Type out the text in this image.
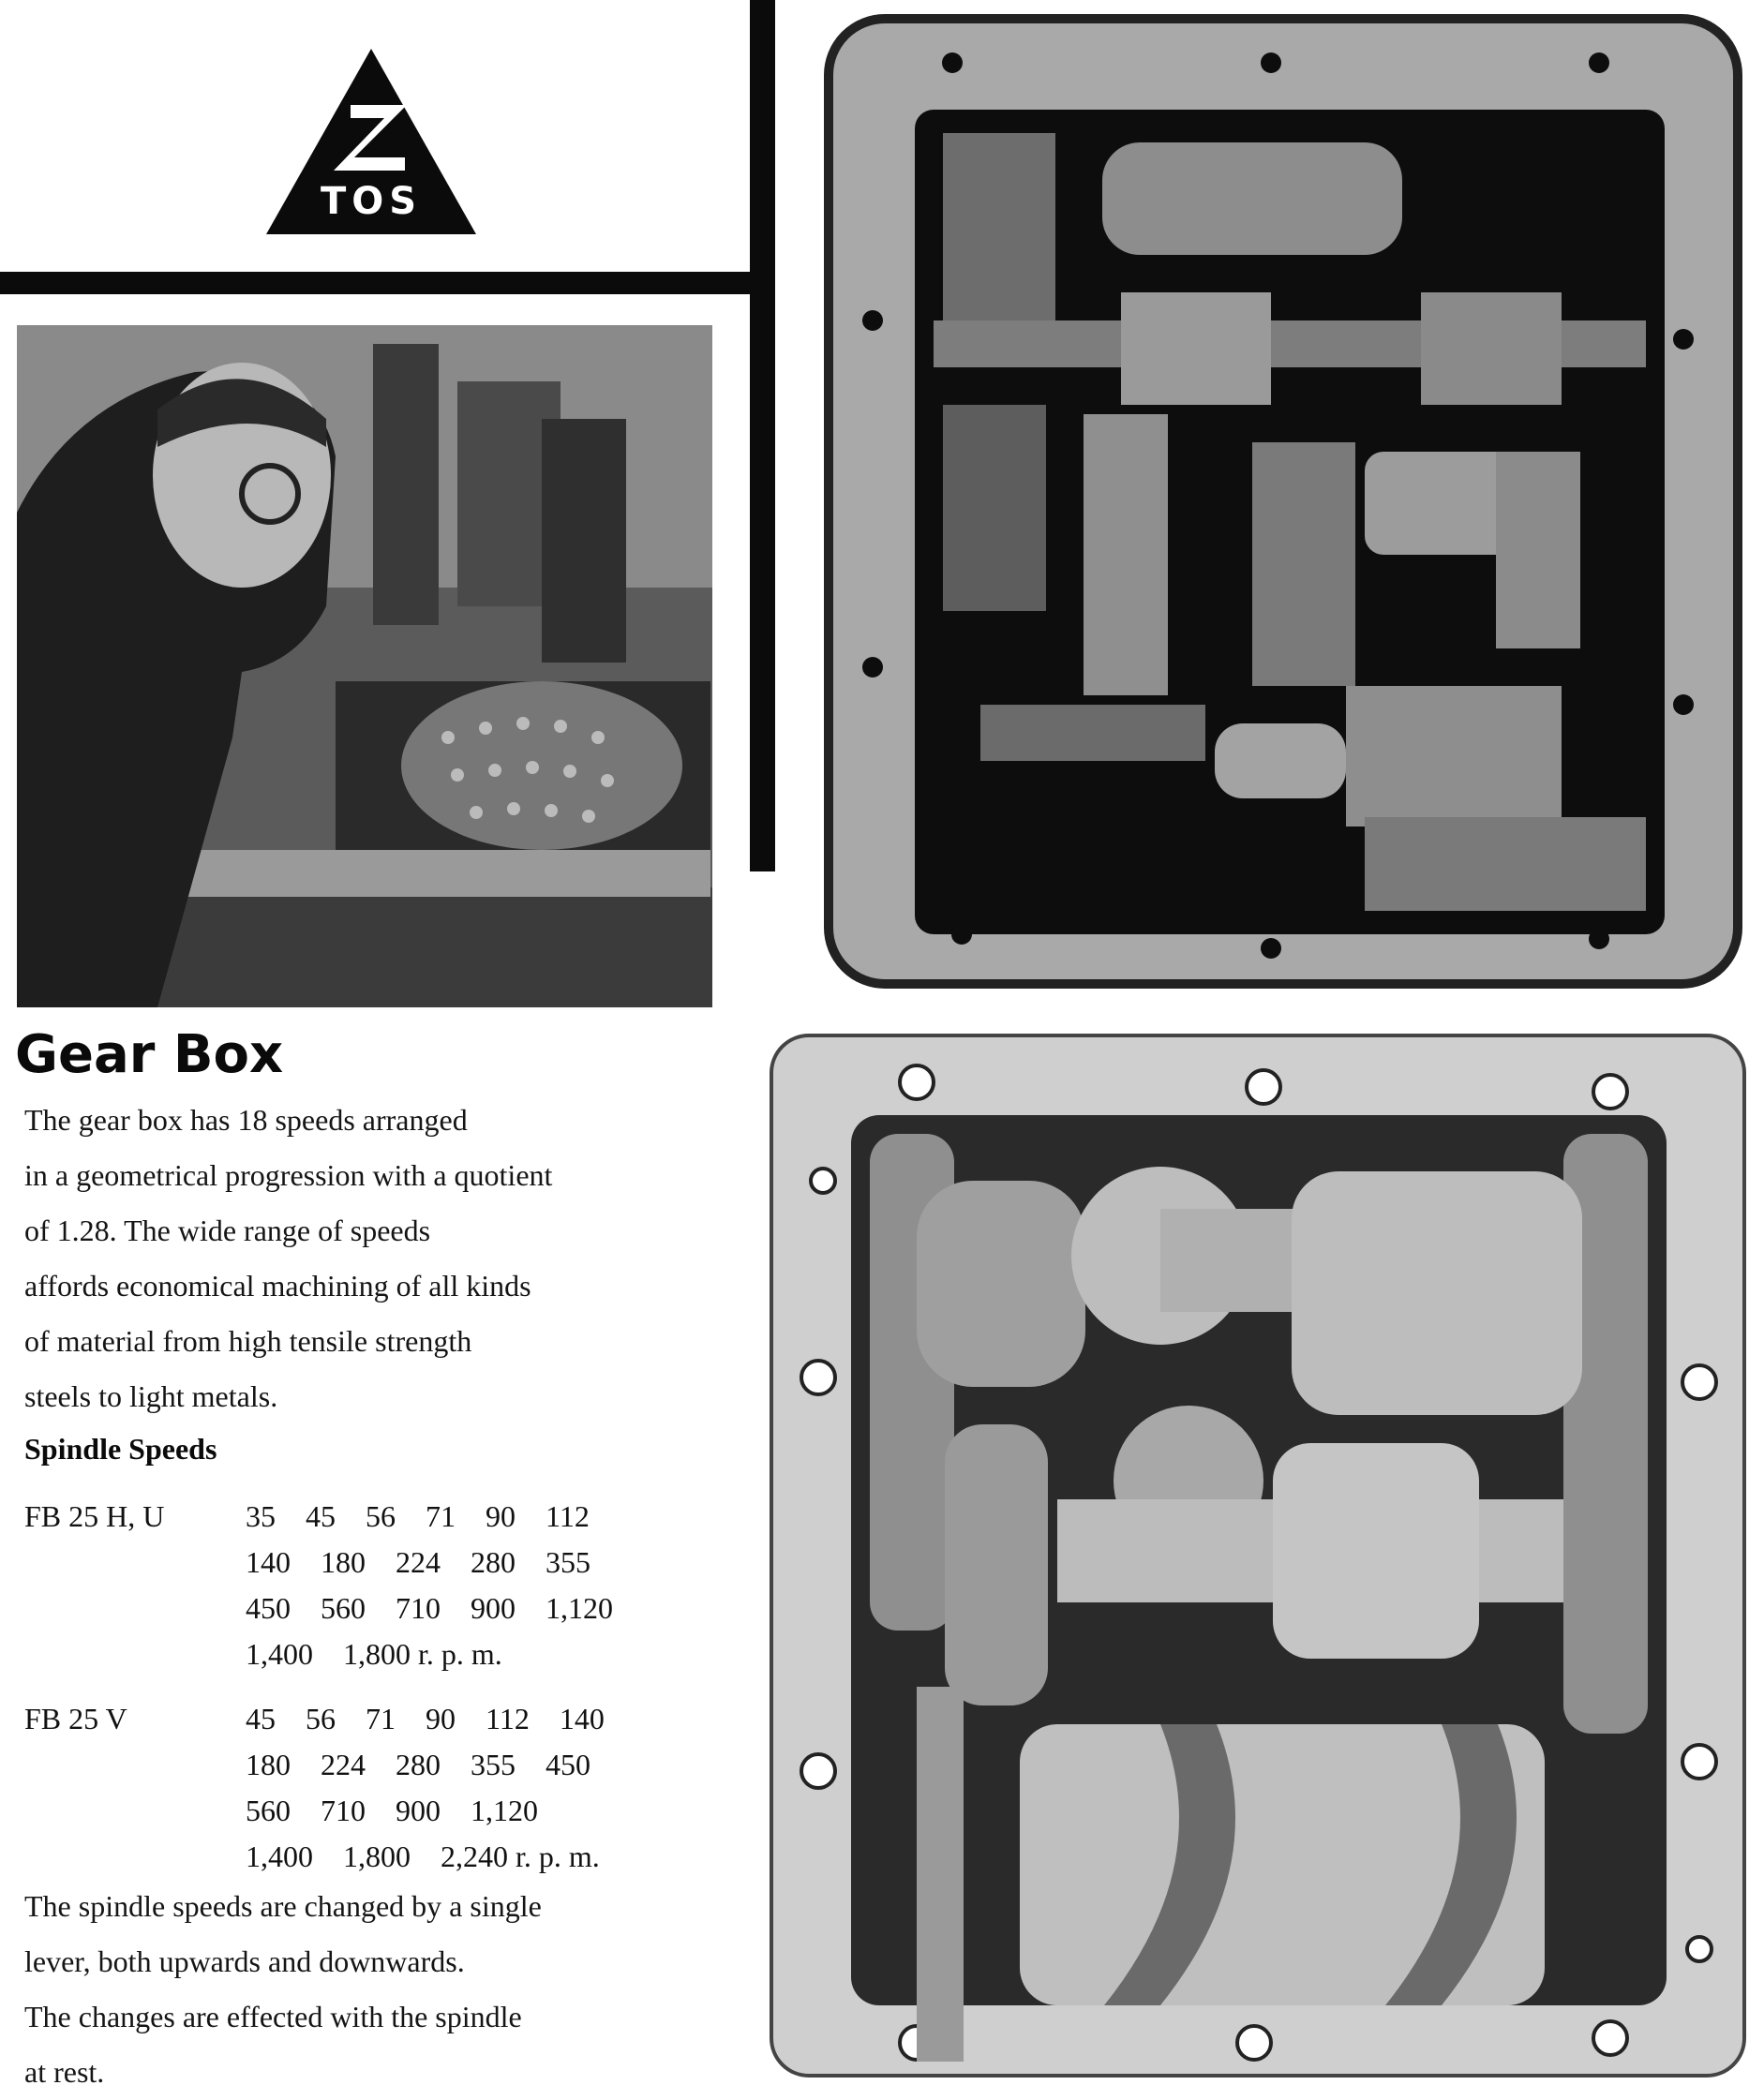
TOS
Gear Box

The gear box has 18 speeds arranged

in a geometrical progression with a quotient

of 1.28. The wide range of speeds

affords economical machining of all kinds

of material from high tensile strength

steels to light metals.

Spindle Speeds
FB 25 H, U	35    45    56    71    90    112
140    180    224    280    355
450    560    710    900    1,120
1,400    1,800 r. p. m.
FB 25 V	45    56    71    90    112    140
180    224    280    355    450
560    710    900    1,120
1,400    1,800    2,240 r. p. m.

The spindle speeds are changed by a single

lever, both upwards and downwards.

The changes are effected with the spindle

at rest.
